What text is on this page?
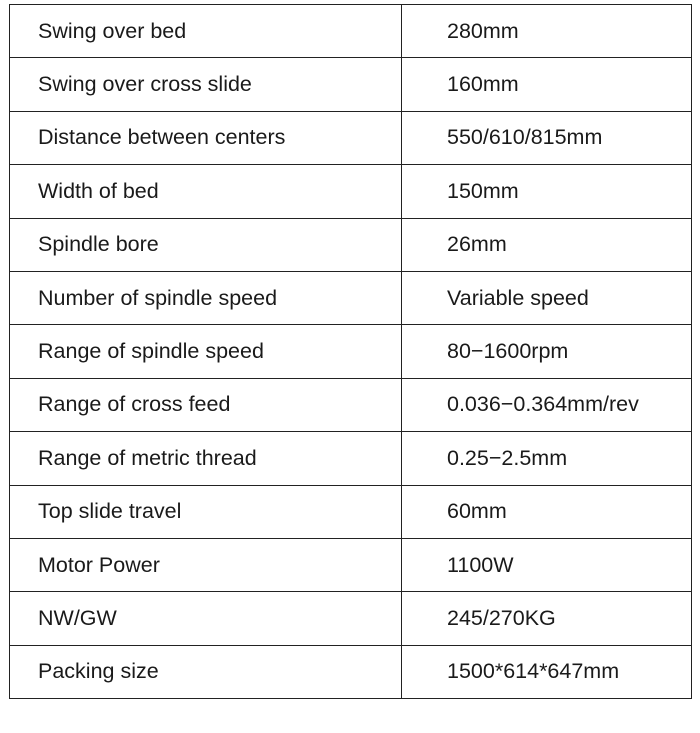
Swing over bed	280mm
Swing over cross slide	160mm
Distance between centers	550/610/815mm
Width of bed	150mm
Spindle bore	26mm
Number of spindle speed	Variable speed
Range of spindle speed	80−1600rpm
Range of cross feed	0.036−0.364mm/rev
Range of metric thread	0.25−2.5mm
Top slide travel	60mm
Motor Power	1100W
NW/GW	245/270KG
Packing size	1500*614*647mm
